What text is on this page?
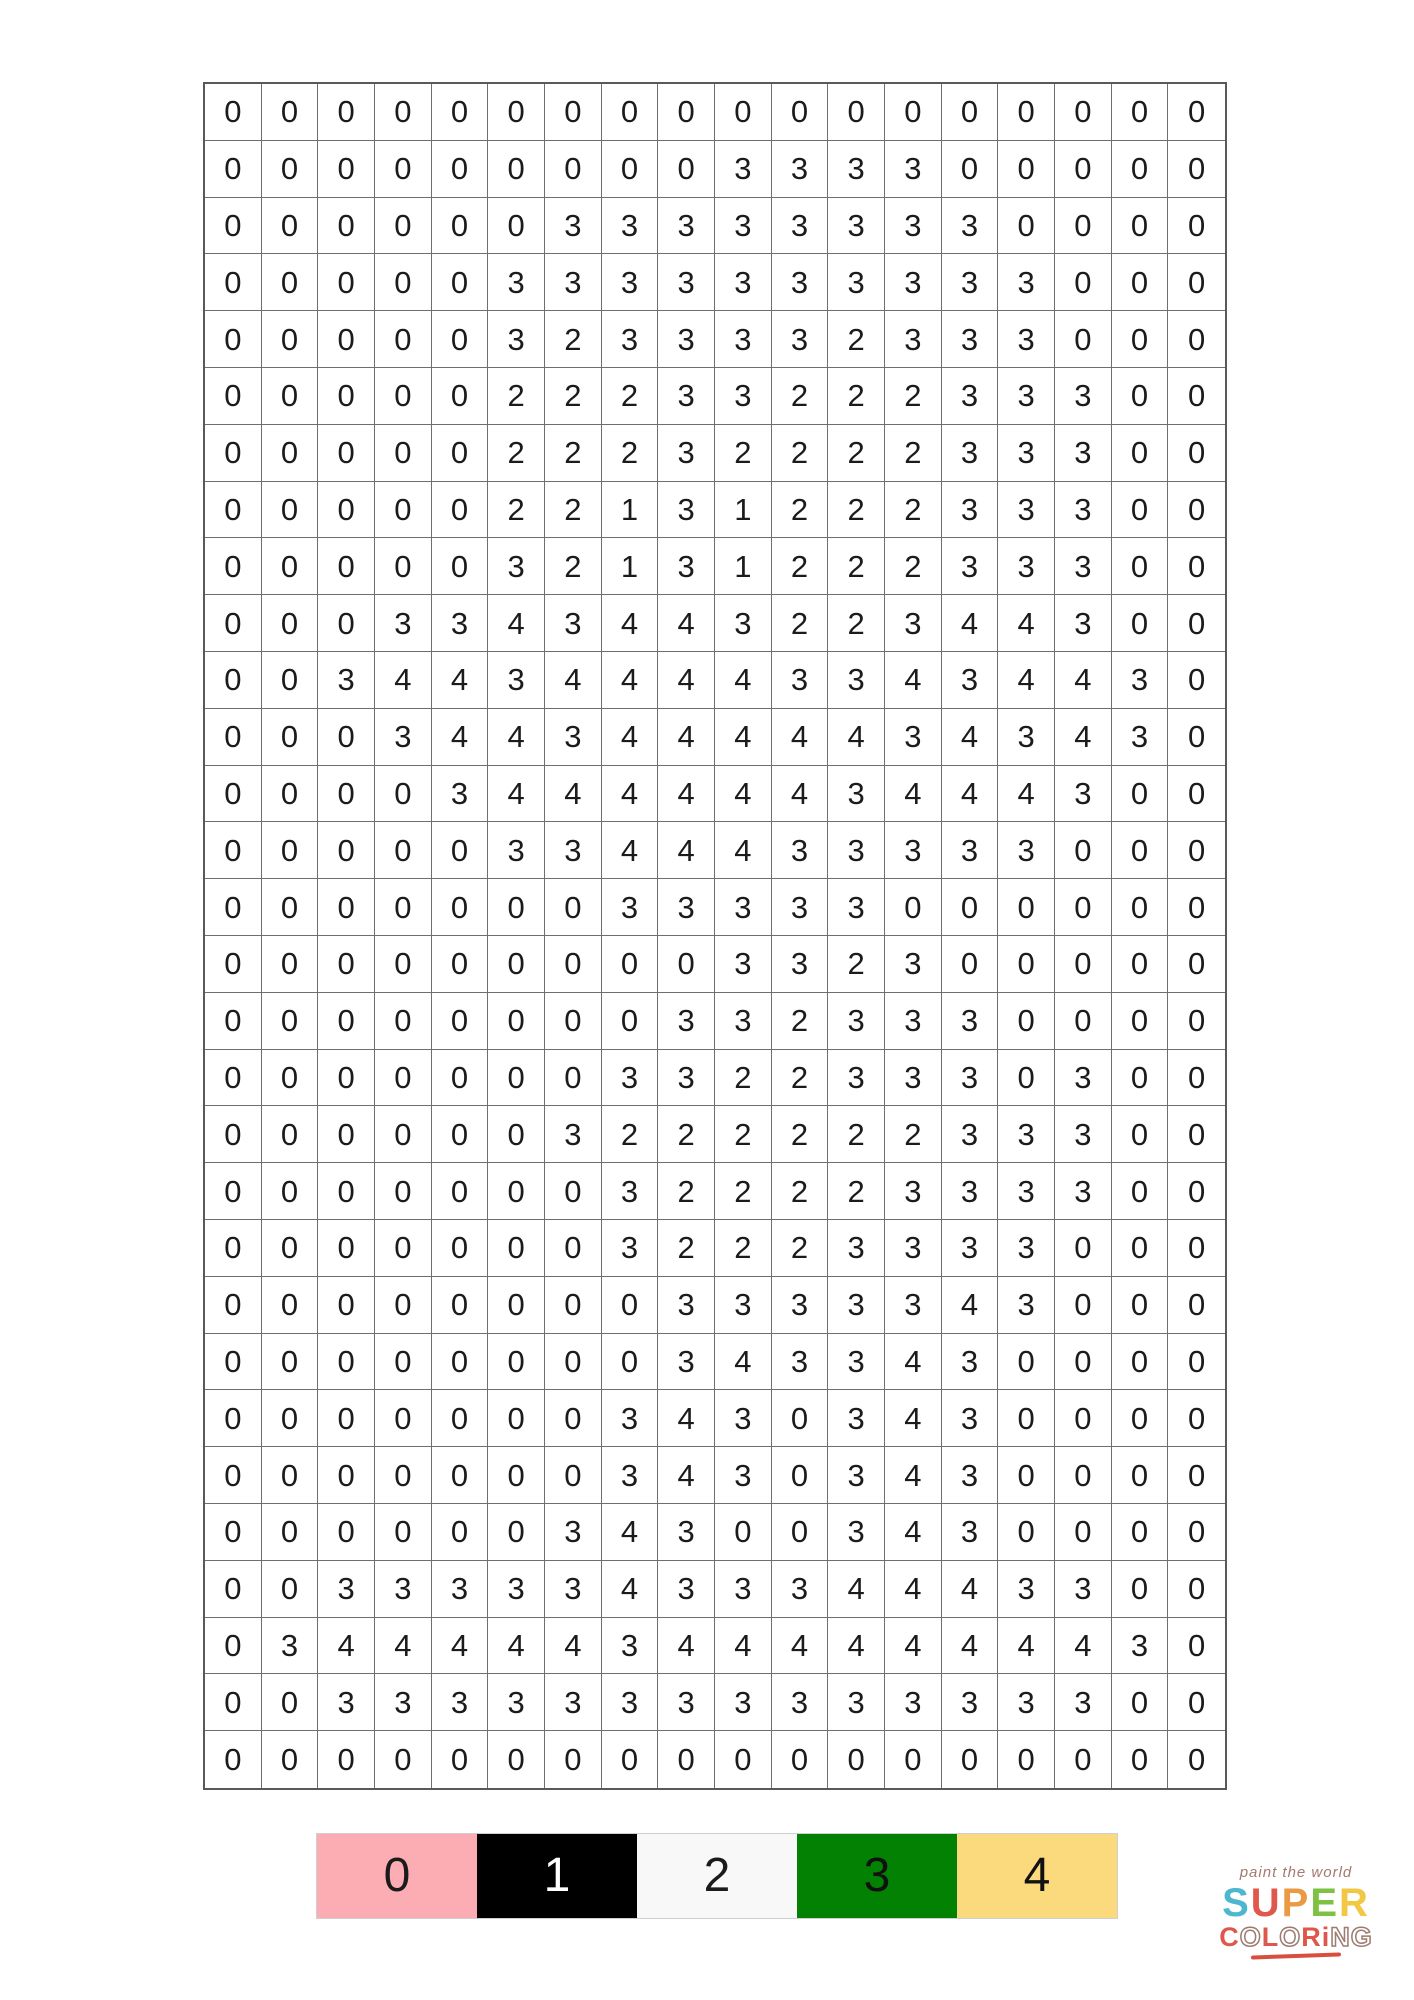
0	0	0	0	0	0	0	0	0	0	0	0	0	0	0	0	0	0
0	0	0	0	0	0	0	0	0	3	3	3	3	0	0	0	0	0
0	0	0	0	0	0	3	3	3	3	3	3	3	3	0	0	0	0
0	0	0	0	0	3	3	3	3	3	3	3	3	3	3	0	0	0
0	0	0	0	0	3	2	3	3	3	3	2	3	3	3	0	0	0
0	0	0	0	0	2	2	2	3	3	2	2	2	3	3	3	0	0
0	0	0	0	0	2	2	2	3	2	2	2	2	3	3	3	0	0
0	0	0	0	0	2	2	1	3	1	2	2	2	3	3	3	0	0
0	0	0	0	0	3	2	1	3	1	2	2	2	3	3	3	0	0
0	0	0	3	3	4	3	4	4	3	2	2	3	4	4	3	0	0
0	0	3	4	4	3	4	4	4	4	3	3	4	3	4	4	3	0
0	0	0	3	4	4	3	4	4	4	4	4	3	4	3	4	3	0
0	0	0	0	3	4	4	4	4	4	4	3	4	4	4	3	0	0
0	0	0	0	0	3	3	4	4	4	3	3	3	3	3	0	0	0
0	0	0	0	0	0	0	3	3	3	3	3	0	0	0	0	0	0
0	0	0	0	0	0	0	0	0	3	3	2	3	0	0	0	0	0
0	0	0	0	0	0	0	0	3	3	2	3	3	3	0	0	0	0
0	0	0	0	0	0	0	3	3	2	2	3	3	3	0	3	0	0
0	0	0	0	0	0	3	2	2	2	2	2	2	3	3	3	0	0
0	0	0	0	0	0	0	3	2	2	2	2	3	3	3	3	0	0
0	0	0	0	0	0	0	3	2	2	2	3	3	3	3	0	0	0
0	0	0	0	0	0	0	0	3	3	3	3	3	4	3	0	0	0
0	0	0	0	0	0	0	0	3	4	3	3	4	3	0	0	0	0
0	0	0	0	0	0	0	3	4	3	0	3	4	3	0	0	0	0
0	0	0	0	0	0	0	3	4	3	0	3	4	3	0	0	0	0
0	0	0	0	0	0	3	4	3	0	0	3	4	3	0	0	0	0
0	0	3	3	3	3	3	4	3	3	3	4	4	4	3	3	0	0
0	3	4	4	4	4	4	3	4	4	4	4	4	4	4	4	3	0
0	0	3	3	3	3	3	3	3	3	3	3	3	3	3	3	0	0
0	0	0	0	0	0	0	0	0	0	0	0	0	0	0	0	0	0
0	1	2	3	4	paint the world
SUPER
COLORiNG
